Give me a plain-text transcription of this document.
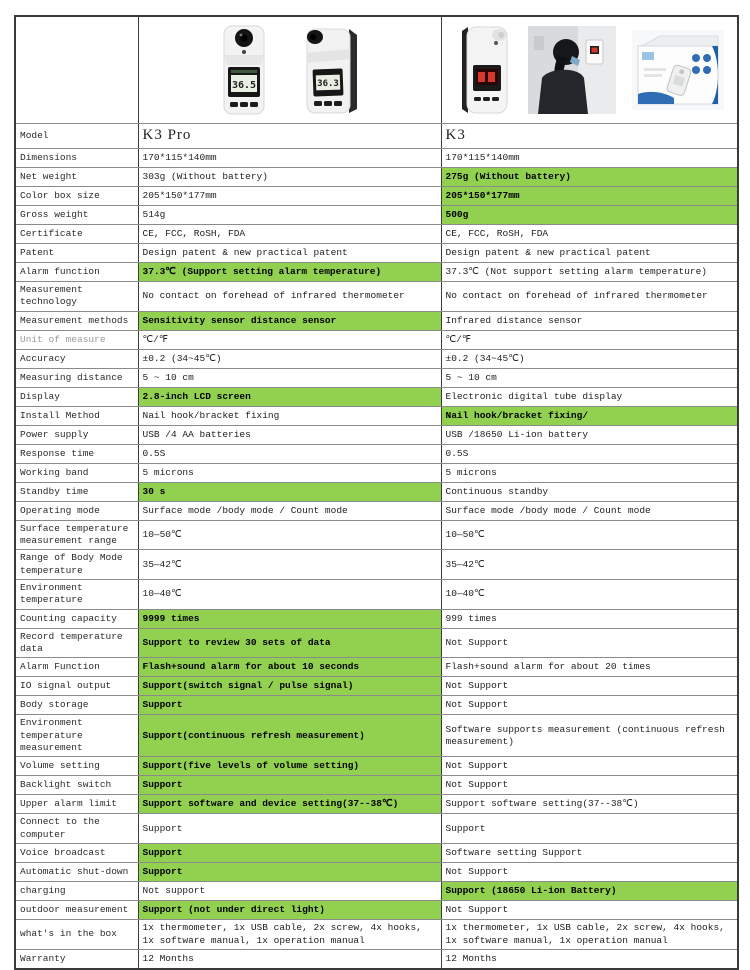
36.5 36.3

Model	K3 Pro	K3
Dimensions	170*115*140mm	170*115*140mm
Net weight	303g (Without battery)	275g (Without battery)
Color box size	205*150*177mm	205*150*177mm
Gross weight	514g	500g
Certificate	CE, FCC, RoSH, FDA	CE, FCC, RoSH, FDA
Patent	Design patent & new practical patent	Design patent & new practical patent
Alarm function	37.3℃ (Support setting alarm temperature)	37.3℃ (Not support setting alarm temperature)
Measurement technology	No contact on forehead of infrared thermometer	No contact on forehead of infrared thermometer
Measurement methods	Sensitivity sensor distance sensor	Infrared distance sensor
Unit of measure	℃/℉	℃/℉
Accuracy	±0.2 (34~45℃)	±0.2 (34~45℃)
Measuring distance	5 ~ 10 cm	5 ~ 10 cm
Display	2.8-inch LCD screen	Electronic digital tube display
Install Method	Nail hook/bracket fixing	Nail hook/bracket fixing/
Power supply	USB /4 AA batteries	USB /18650 Li-ion battery
Response time	0.5S	0.5S
Working band	5 microns	5 microns
Standby time	30 s	Continuous standby
Operating mode	Surface mode /body mode / Count mode	Surface mode /body mode / Count mode
Surface temperature measurement range	10—50℃	10—50℃
Range of Body Mode temperature	35—42℃	35—42℃
Environment temperature	10—40℃	10—40℃
Counting capacity	9999 times	999 times
Record temperature data	Support to review 30 sets of data	Not Support
Alarm Function	Flash+sound alarm for about 10 seconds	Flash+sound alarm for about 20 times
IO signal output	Support(switch signal / pulse signal)	Not Support
Body storage	Support	Not Support
Environment temperature measurement	Support(continuous refresh measurement)	Software supports measurement (continuous refresh measurement)
Volume setting	Support(five levels of volume setting)	Not Support
Backlight switch	Support	Not Support
Upper alarm limit	Support software and device setting(37--38℃)	Support software setting(37--38℃)
Connect to the computer	Support	Support
Voice broadcast	Support	Software setting Support
Automatic shut-down	Support	Not Support
charging	Not support	Support (18650 Li-ion Battery)
outdoor measurement	Support (not under direct light)	Not Support
what's in the box	1x thermometer, 1x USB cable, 2x screw, 4x hooks, 1x software manual, 1x operation manual	1x thermometer, 1x USB cable, 2x screw, 4x hooks, 1x software manual, 1x operation manual
Warranty	12 Months	12 Months
